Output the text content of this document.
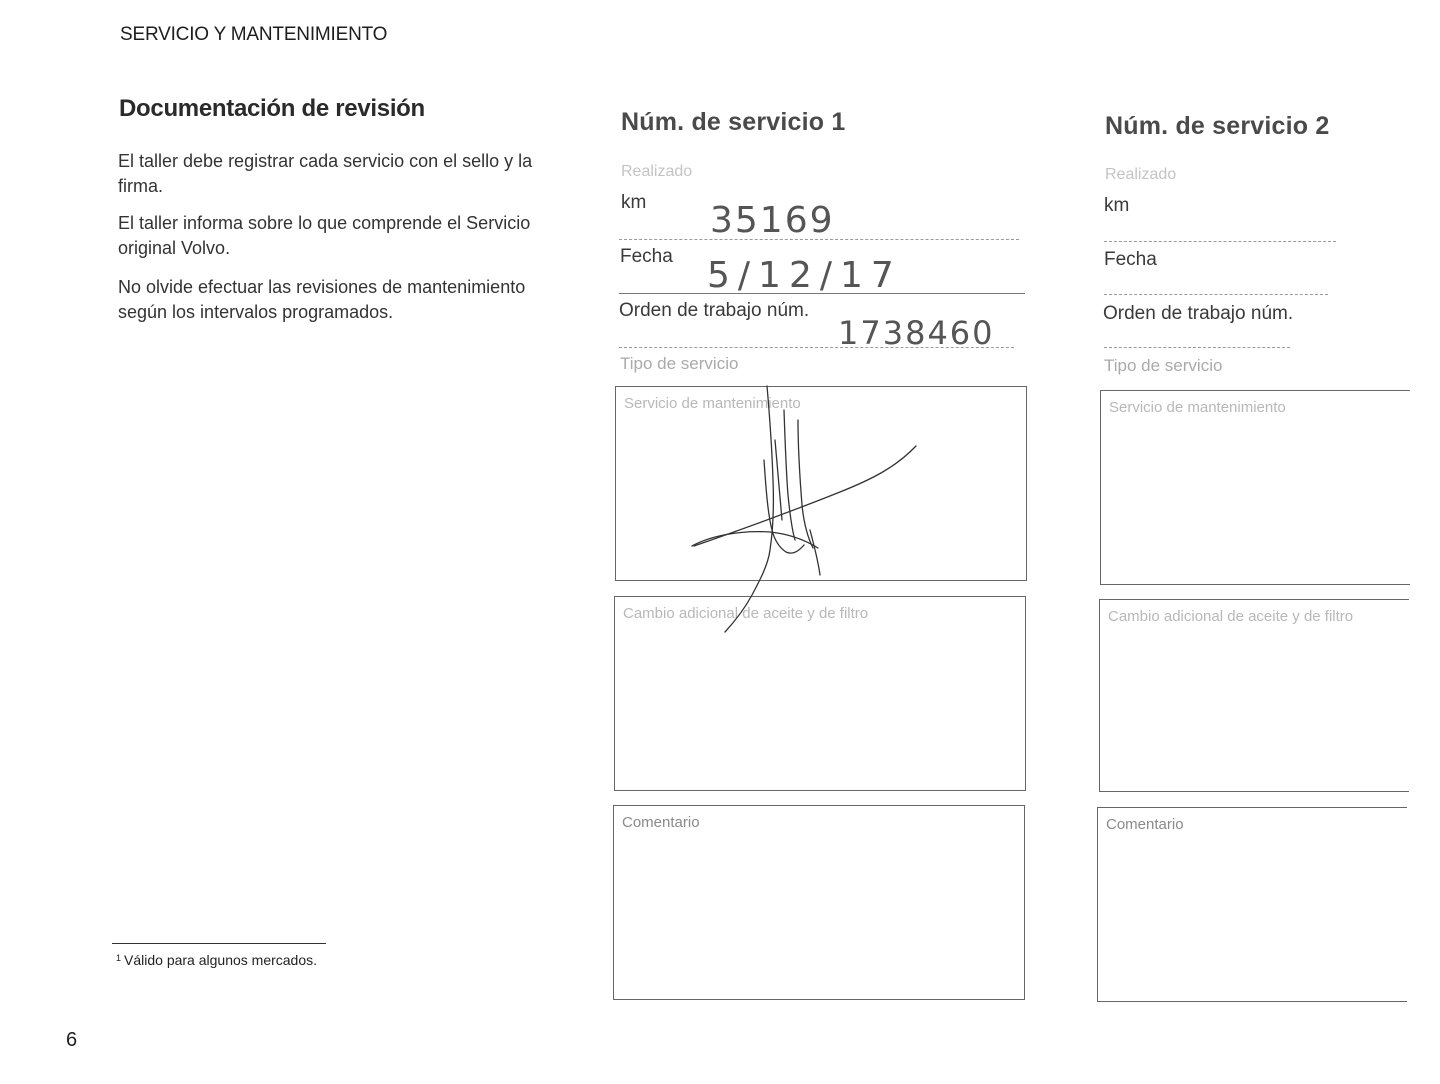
SERVICIO Y MANTENIMIENTO
Documentación de revisión

El taller debe registrar cada servicio con el sello y la firma.

El taller informa sobre lo que comprende el Servicio original Volvo.

No olvide efectuar las revisiones de mantenimiento según los intervalos programados.

$^1$ Válido para algunos mercados.
6
Núm. de servicio 1
Realizado
km 35169
Fecha 5/12/17
Orden de trabajo núm.
1738460
Tipo de servicio
Servicio de mantenimiento
Cambio adicional de aceite y de filtro
Comentario
Núm. de servicio 2
Realizado
km
Fecha
Orden de trabajo núm.
Tipo de servicio
Servicio de mantenimiento
Cambio adicional de aceite y de filtro
Comentario
